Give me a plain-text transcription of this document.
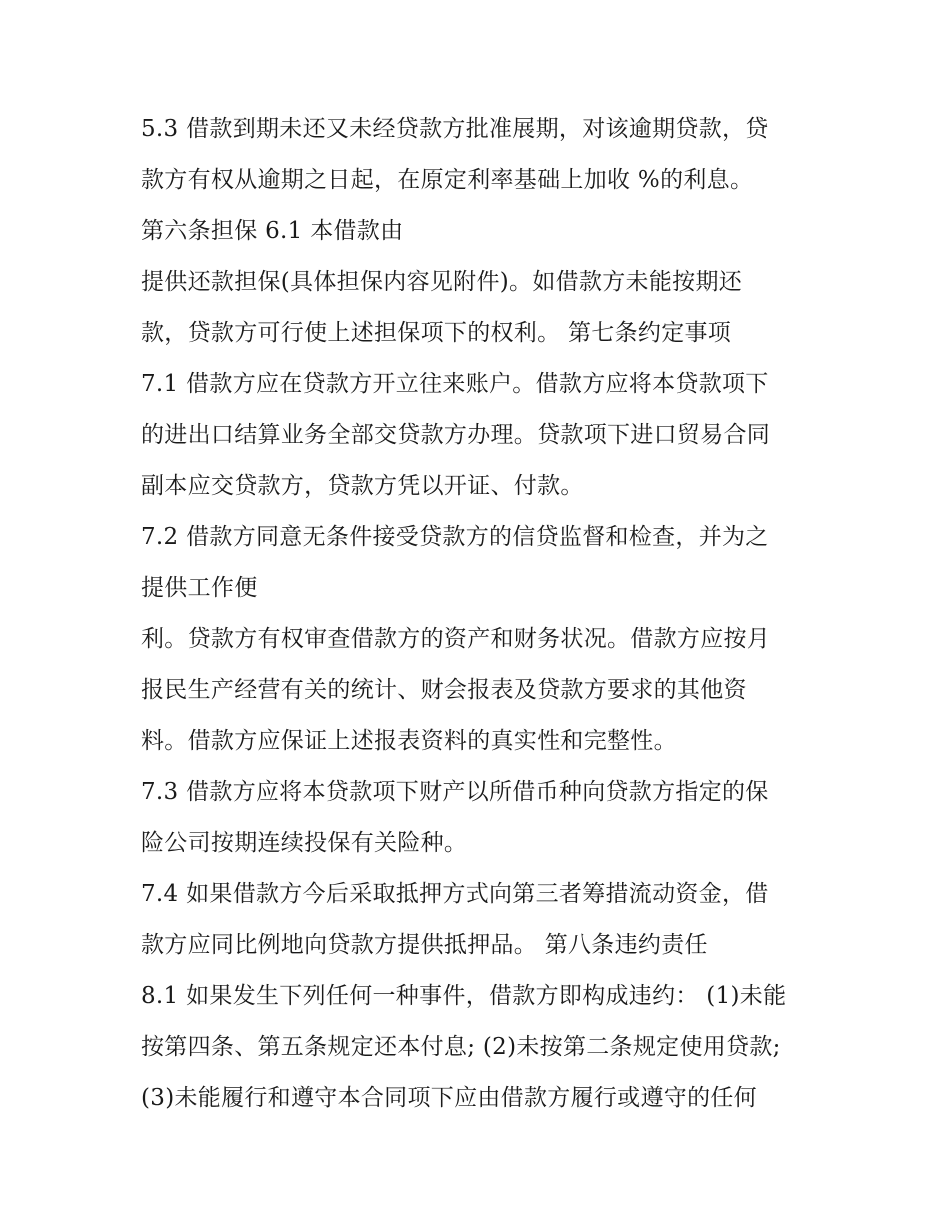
5.3 借款到期未还又未经贷款方批准展期，对该逾期贷款，贷
款方有权从逾期之日起，在原定利率基础上加收 %的利息。
第六条担保 6.1 本借款由
提供还款担保(具体担保内容见附件)。如借款方未能按期还
款，贷款方可行使上述担保项下的权利。 第七条约定事项
7.1 借款方应在贷款方开立往来账户。借款方应将本贷款项下
的进出口结算业务全部交贷款方办理。贷款项下进口贸易合同
副本应交贷款方，贷款方凭以开证、付款。
7.2 借款方同意无条件接受贷款方的信贷监督和检查，并为之
提供工作便
利。贷款方有权审查借款方的资产和财务状况。借款方应按月
报民生产经营有关的统计、财会报表及贷款方要求的其他资
料。借款方应保证上述报表资料的真实性和完整性。
7.3 借款方应将本贷款项下财产以所借币种向贷款方指定的保
险公司按期连续投保有关险种。
7.4 如果借款方今后采取抵押方式向第三者筹措流动资金，借
款方应同比例地向贷款方提供抵押品。 第八条违约责任
8.1 如果发生下列任何一种事件，借款方即构成违约： (1)未能
按第四条、第五条规定还本付息; (2)未按第二条规定使用贷款;
(3)未能履行和遵守本合同项下应由借款方履行或遵守的任何
